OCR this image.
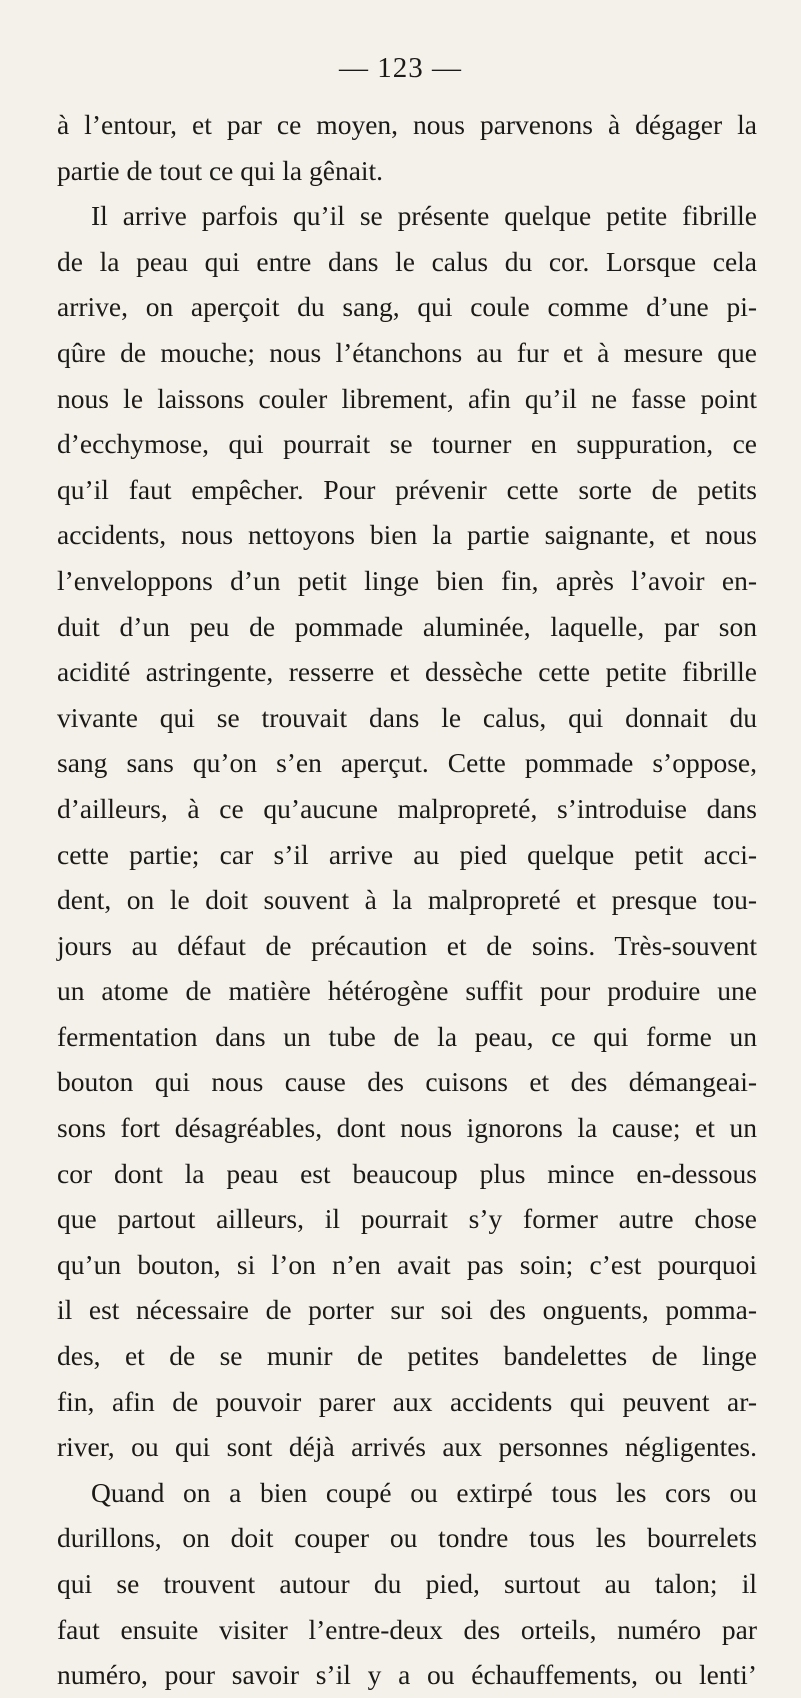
— 123 —
à l’entour, et par ce moyen, nous parvenons à dégager la
partie de tout ce qui la gênait.
Il arrive parfois qu’il se présente quelque petite fibrille
de la peau qui entre dans le calus du cor. Lorsque cela
arrive, on aperçoit du sang, qui coule comme d’une pi-
qûre de mouche; nous l’étanchons au fur et à mesure que
nous le laissons couler librement, afin qu’il ne fasse point
d’ecchymose, qui pourrait se tourner en suppuration, ce
qu’il faut empêcher. Pour prévenir cette sorte de petits
accidents, nous nettoyons bien la partie saignante, et nous
l’enveloppons d’un petit linge bien fin, après l’avoir en-
duit d’un peu de pommade aluminée, laquelle, par son
acidité astringente, resserre et dessèche cette petite fibrille
vivante qui se trouvait dans le calus, qui donnait du
sang sans qu’on s’en aperçut. Cette pommade s’oppose,
d’ailleurs, à ce qu’aucune malpropreté, s’introduise dans
cette partie; car s’il arrive au pied quelque petit acci-
dent, on le doit souvent à la malpropreté et presque tou-
jours au défaut de précaution et de soins. Très-souvent
un atome de matière hétérogène suffit pour produire une
fermentation dans un tube de la peau, ce qui forme un
bouton qui nous cause des cuisons et des démangeai-
sons fort désagréables, dont nous ignorons la cause; et un
cor dont la peau est beaucoup plus mince en-dessous
que partout ailleurs, il pourrait s’y former autre chose
qu’un bouton, si l’on n’en avait pas soin; c’est pourquoi
il est nécessaire de porter sur soi des onguents, pomma-
des, et de se munir de petites bandelettes de linge
fin, afin de pouvoir parer aux accidents qui peuvent ar-
river, ou qui sont déjà arrivés aux personnes négligentes.
Quand on a bien coupé ou extirpé tous les cors ou
durillons, on doit couper ou tondre tous les bourrelets
qui se trouvent autour du pied, surtout au talon; il
faut ensuite visiter l’entre-deux des orteils, numéro par
numéro, pour savoir s’il y a ou échauffements, ou lenti’
